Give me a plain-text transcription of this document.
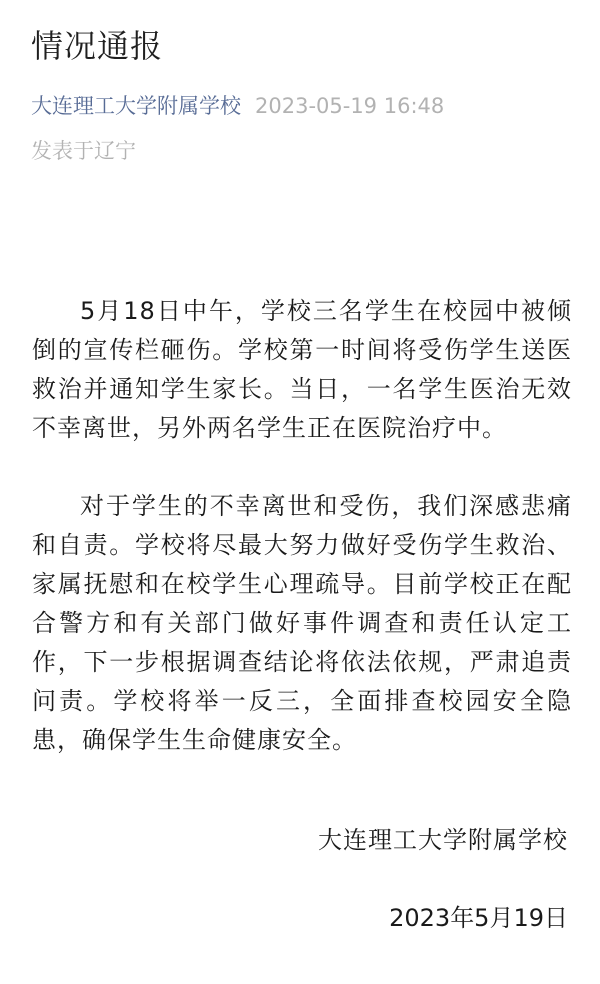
情况通报
大连理工大学附属学校 2023-05-19 16:48
发表于辽宁

5月18日中午，学校三名学生在校园中被倾倒的宣传栏砸伤。学校第一时间将受伤学生送医救治并通知学生家长。当日，一名学生医治无效不幸离世，另外两名学生正在医院治疗中。

对于学生的不幸离世和受伤，我们深感悲痛和自责。学校将尽最大努力做好受伤学生救治、家属抚慰和在校学生心理疏导。目前学校正在配合警方和有关部门做好事件调查和责任认定工作，下一步根据调查结论将依法依规，严肃追责问责。学校将举一反三，全面排查校园安全隐患，确保学生生命健康安全。

大连理工大学附属学校
2023年5月19日
